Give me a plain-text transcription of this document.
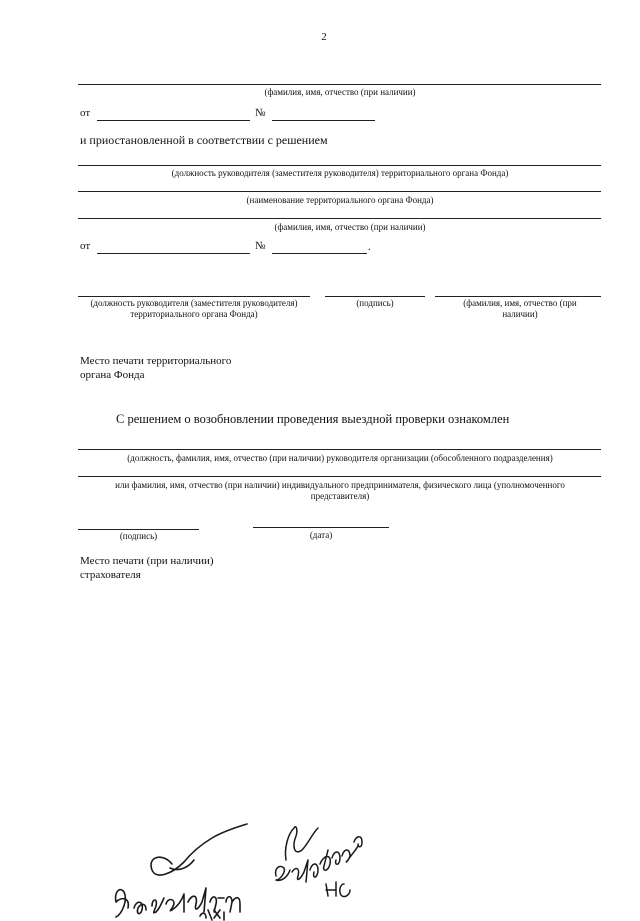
2
(фамилия, имя, отчество (при наличии)
от	№
и приостановленной в соответствии с решением
(должность руководителя (заместителя руководителя) территориального органа Фонда)
(наименование территориального органа Фонда)
(фамилия, имя, отчество (при наличии)
от	№	.
(должность руководителя (заместителя руководителя) территориального органа Фонда)
(подпись)	(фамилия, имя, отчество (при наличии)
Место печати территориального органа Фонда
С решением о возобновлении проведения выездной проверки ознакомлен
(должность, фамилия, имя, отчество (при наличии) руководителя организации (обособленного подразделения)
или фамилия, имя, отчество (при наличии) индивидуального предпринимателя, физического лица (уполномоченного представителя)
(подпись)	(дата)
Место печати (при наличии) страхователя
